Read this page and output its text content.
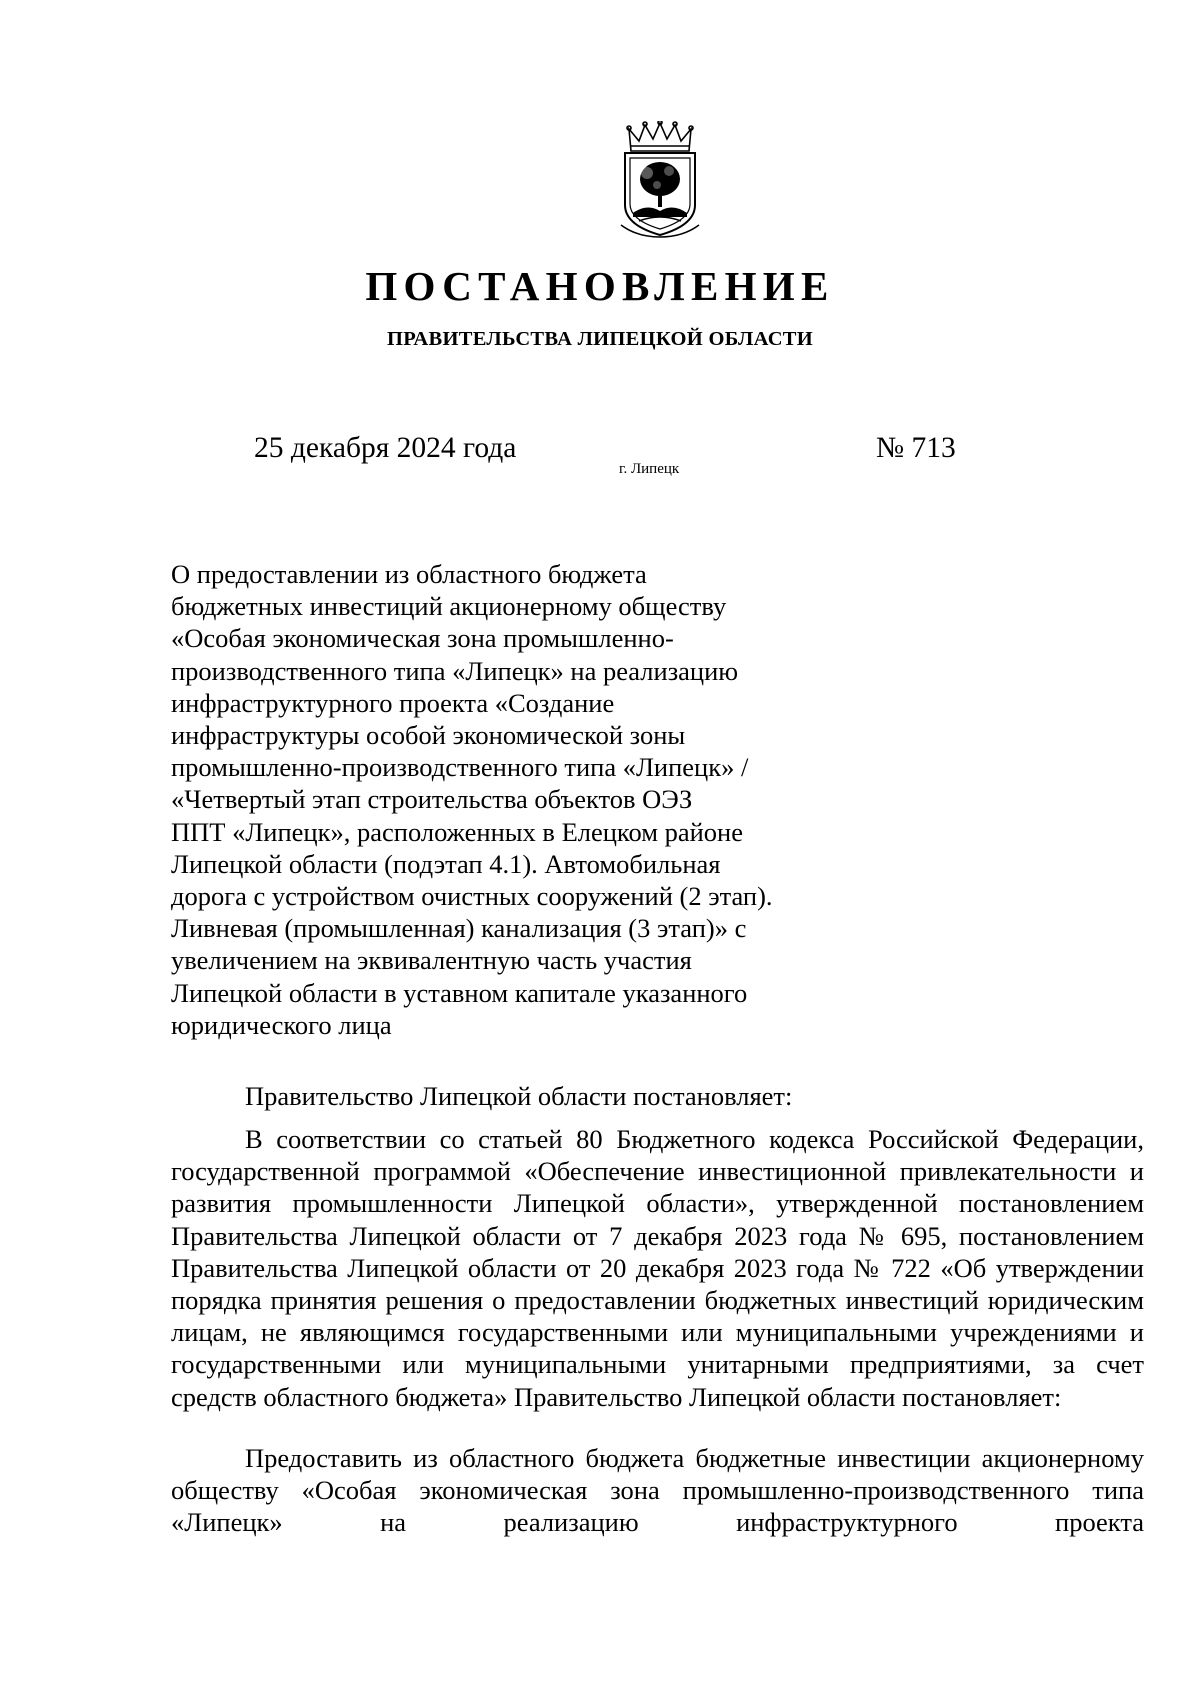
ПОСТАНОВЛЕНИЕ
ПРАВИТЕЛЬСТВА ЛИПЕЦКОЙ ОБЛАСТИ
25 декабря 2024 года
г. Липецк
№ 713
О предоставлении из областного бюджета
бюджетных инвестиций акционерному обществу
«Особая экономическая зона промышленно-
производственного типа «Липецк» на реализацию
инфраструктурного проекта «Создание
инфраструктуры особой экономической зоны
промышленно-производственного типа «Липецк» /
«Четвертый этап строительства объектов ОЭЗ
ППТ «Липецк», расположенных в Елецком районе
Липецкой области (подэтап 4.1). Автомобильная
дорога с устройством очистных сооружений (2 этап).
Ливневая (промышленная) канализация (3 этап)» с
увеличением на эквивалентную часть участия
Липецкой области в уставном капитале указанного
юридического лица

Правительство Липецкой области постановляет:

В соответствии со статьей 80 Бюджетного кодекса Российской Федерации, государственной программой «Обеспечение инвестиционной привлекательности и развития промышленности Липецкой области», утвержденной постановлением Правительства Липецкой области от 7 декабря 2023 года № 695, постановлением Правительства Липецкой области от 20 декабря 2023 года № 722 «Об утверждении порядка принятия решения о предоставлении бюджетных инвестиций юридическим лицам, не являющимся государственными или муниципальными учреждениями и государственными или муниципальными унитарными предприятиями, за счет средств областного бюджета» Правительство Липецкой области постановляет:

Предоставить из областного бюджета бюджетные инвестиции акционерному обществу «Особая экономическая зона промышленно-производственного типа «Липецк» на реализацию инфраструктурного проекта
